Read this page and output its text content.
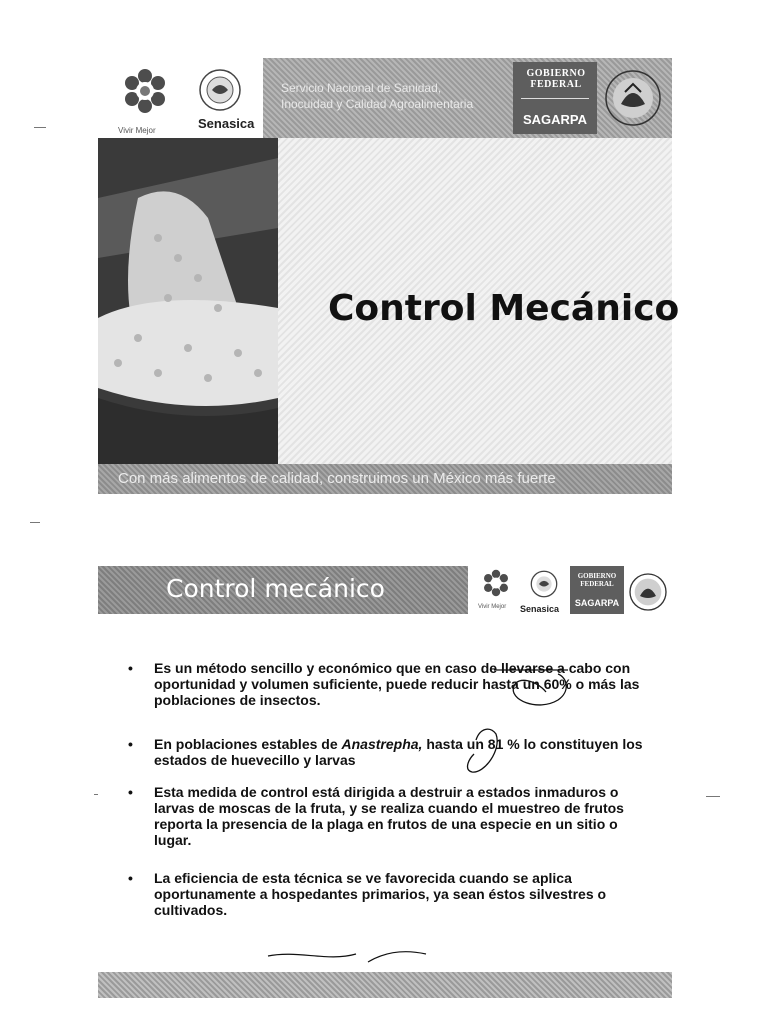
Vivir Mejor	Senasica
Servicio Nacional de Sanidad,
Inocuidad y Calidad Agroalimentaria
GOBIERNO
FEDERAL
SAGARPA
Control Mecánico
Con más alimentos de calidad, construimos un México más fuerte
Control mecánico
Vivir Mejor Senasica
GOBIERNO
FEDERAL
SAGARPA
• Es un método sencillo y económico que en caso de llevarse a cabo con oportunidad y volumen suficiente, puede reducir hasta un 60% o más las poblaciones de insectos.
• En poblaciones estables de Anastrepha, hasta un 81 % lo constituyen los estados de huevecillo y larvas
• Esta medida de control está dirigida a destruir a estados inmaduros o larvas de moscas de la fruta, y se realiza cuando el muestreo de frutos reporta la presencia de la plaga en frutos de una especie en un sitio o lugar.
• La eficiencia de esta técnica se ve favorecida cuando se aplica oportunamente a hospedantes primarios, ya sean éstos silvestres o cultivados.
